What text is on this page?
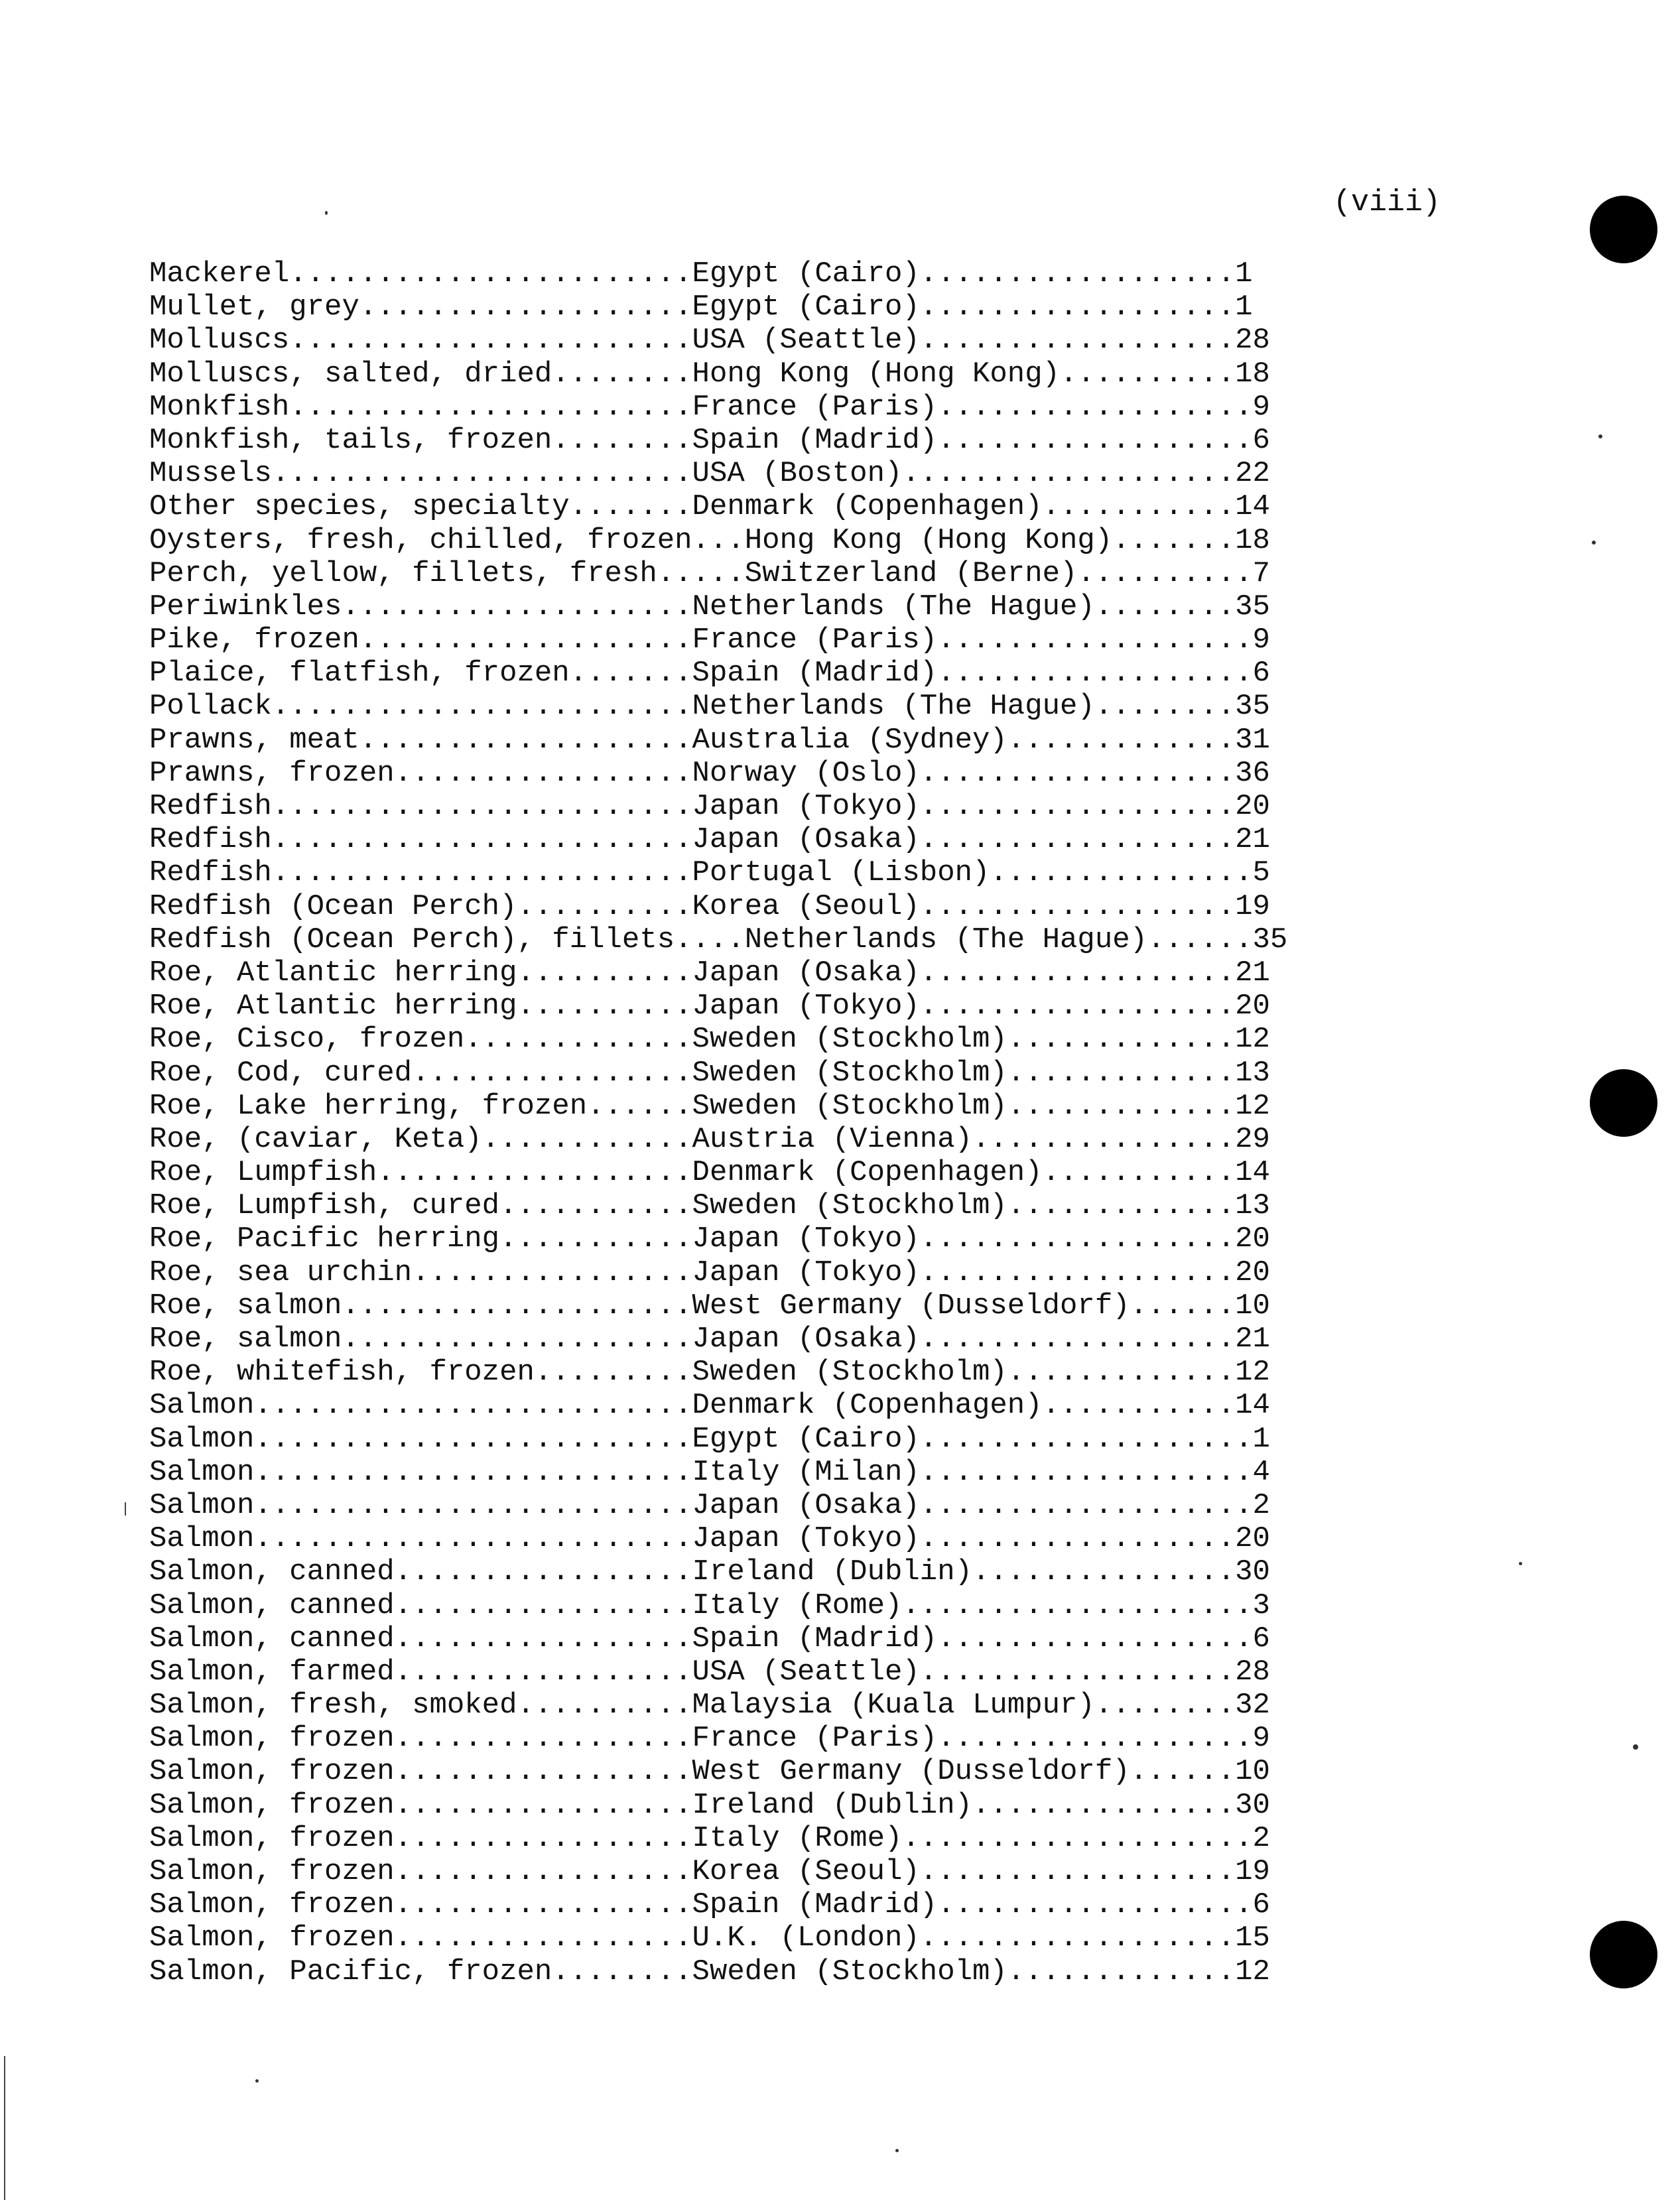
(viii)
Mackerel.......................Egypt (Cairo)..................1
Mullet, grey...................Egypt (Cairo)..................1
Molluscs.......................USA (Seattle)..................28
Molluscs, salted, dried........Hong Kong (Hong Kong)..........18
Monkfish.......................France (Paris)..................9
Monkfish, tails, frozen........Spain (Madrid)..................6
Mussels........................USA (Boston)...................22
Other species, specialty.......Denmark (Copenhagen)...........14
Oysters, fresh, chilled, frozen...Hong Kong (Hong Kong).......18
Perch, yellow, fillets, fresh.....Switzerland (Berne)..........7
Periwinkles....................Netherlands (The Hague)........35
Pike, frozen...................France (Paris)..................9
Plaice, flatfish, frozen.......Spain (Madrid)..................6
Pollack........................Netherlands (The Hague)........35
Prawns, meat...................Australia (Sydney).............31
Prawns, frozen.................Norway (Oslo)..................36
Redfish........................Japan (Tokyo)..................20
Redfish........................Japan (Osaka)..................21
Redfish........................Portugal (Lisbon)...............5
Redfish (Ocean Perch)..........Korea (Seoul)..................19
Redfish (Ocean Perch), fillets....Netherlands (The Hague)......35
Roe, Atlantic herring..........Japan (Osaka)..................21
Roe, Atlantic herring..........Japan (Tokyo)..................20
Roe, Cisco, frozen.............Sweden (Stockholm).............12
Roe, Cod, cured................Sweden (Stockholm).............13
Roe, Lake herring, frozen......Sweden (Stockholm).............12
Roe, (caviar, Keta)............Austria (Vienna)...............29
Roe, Lumpfish..................Denmark (Copenhagen)...........14
Roe, Lumpfish, cured...........Sweden (Stockholm).............13
Roe, Pacific herring...........Japan (Tokyo)..................20
Roe, sea urchin................Japan (Tokyo)..................20
Roe, salmon....................West Germany (Dusseldorf)......10
Roe, salmon....................Japan (Osaka)..................21
Roe, whitefish, frozen.........Sweden (Stockholm).............12
Salmon.........................Denmark (Copenhagen)...........14
Salmon.........................Egypt (Cairo)...................1
Salmon.........................Italy (Milan)...................4
Salmon.........................Japan (Osaka)...................2
Salmon.........................Japan (Tokyo)..................20
Salmon, canned.................Ireland (Dublin)...............30
Salmon, canned.................Italy (Rome)....................3
Salmon, canned.................Spain (Madrid)..................6
Salmon, farmed.................USA (Seattle)..................28
Salmon, fresh, smoked..........Malaysia (Kuala Lumpur)........32
Salmon, frozen.................France (Paris)..................9
Salmon, frozen.................West Germany (Dusseldorf)......10
Salmon, frozen.................Ireland (Dublin)...............30
Salmon, frozen.................Italy (Rome)....................2
Salmon, frozen.................Korea (Seoul)..................19
Salmon, frozen.................Spain (Madrid)..................6
Salmon, frozen.................U.K. (London)..................15
Salmon, Pacific, frozen........Sweden (Stockholm).............12
